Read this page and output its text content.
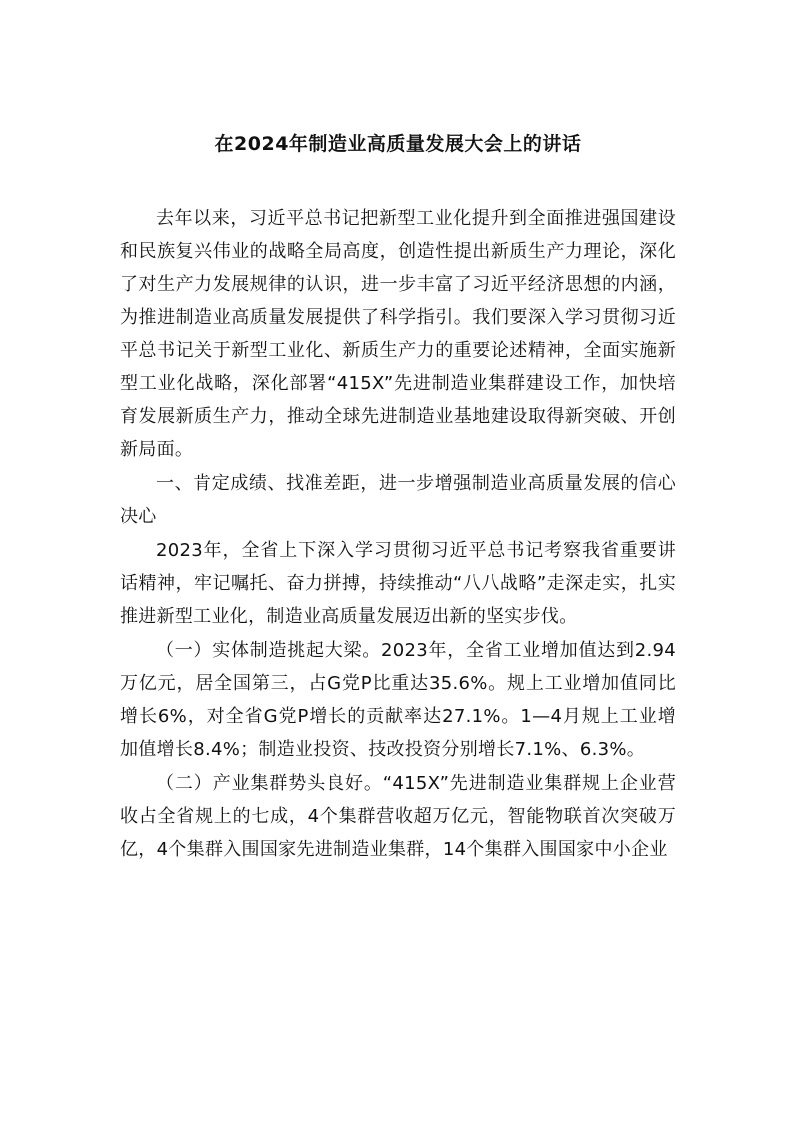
在2024年制造业高质量发展大会上的讲话

去年以来，习近平总书记把新型工业化提升到全面推进强国建设和民族复兴伟业的战略全局高度，创造性提出新质生产力理论，深化了对生产力发展规律的认识，进一步丰富了习近平经济思想的内涵，为推进制造业高质量发展提供了科学指引。我们要深入学习贯彻习近平总书记关于新型工业化、新质生产力的重要论述精神，全面实施新型工业化战略，深化部署“415X”先进制造业集群建设工作，加快培育发展新质生产力，推动全球先进制造业基地建设取得新突破、开创新局面。

一、肯定成绩、找准差距，进一步增强制造业高质量发展的信心决心

2023年，全省上下深入学习贯彻习近平总书记考察我省重要讲话精神，牢记嘱托、奋力拼搏，持续推动“八八战略”走深走实，扎实推进新型工业化，制造业高质量发展迈出新的坚实步伐。

（一）实体制造挑起大梁。2023年，全省工业增加值达到2.94万亿元，居全国第三，占G党P比重达35.6%。规上工业增加值同比增长6%，对全省G党P增长的贡献率达27.1%。1—4月规上工业增加值增长8.4%；制造业投资、技改投资分别增长7.1%、6.3%。

（二）产业集群势头良好。“415X”先进制造业集群规上企业营收占全省规上的七成，4个集群营收超万亿元，智能物联首次突破万亿，4个集群入围国家先进制造业集群，14个集群入围国家中小企业
